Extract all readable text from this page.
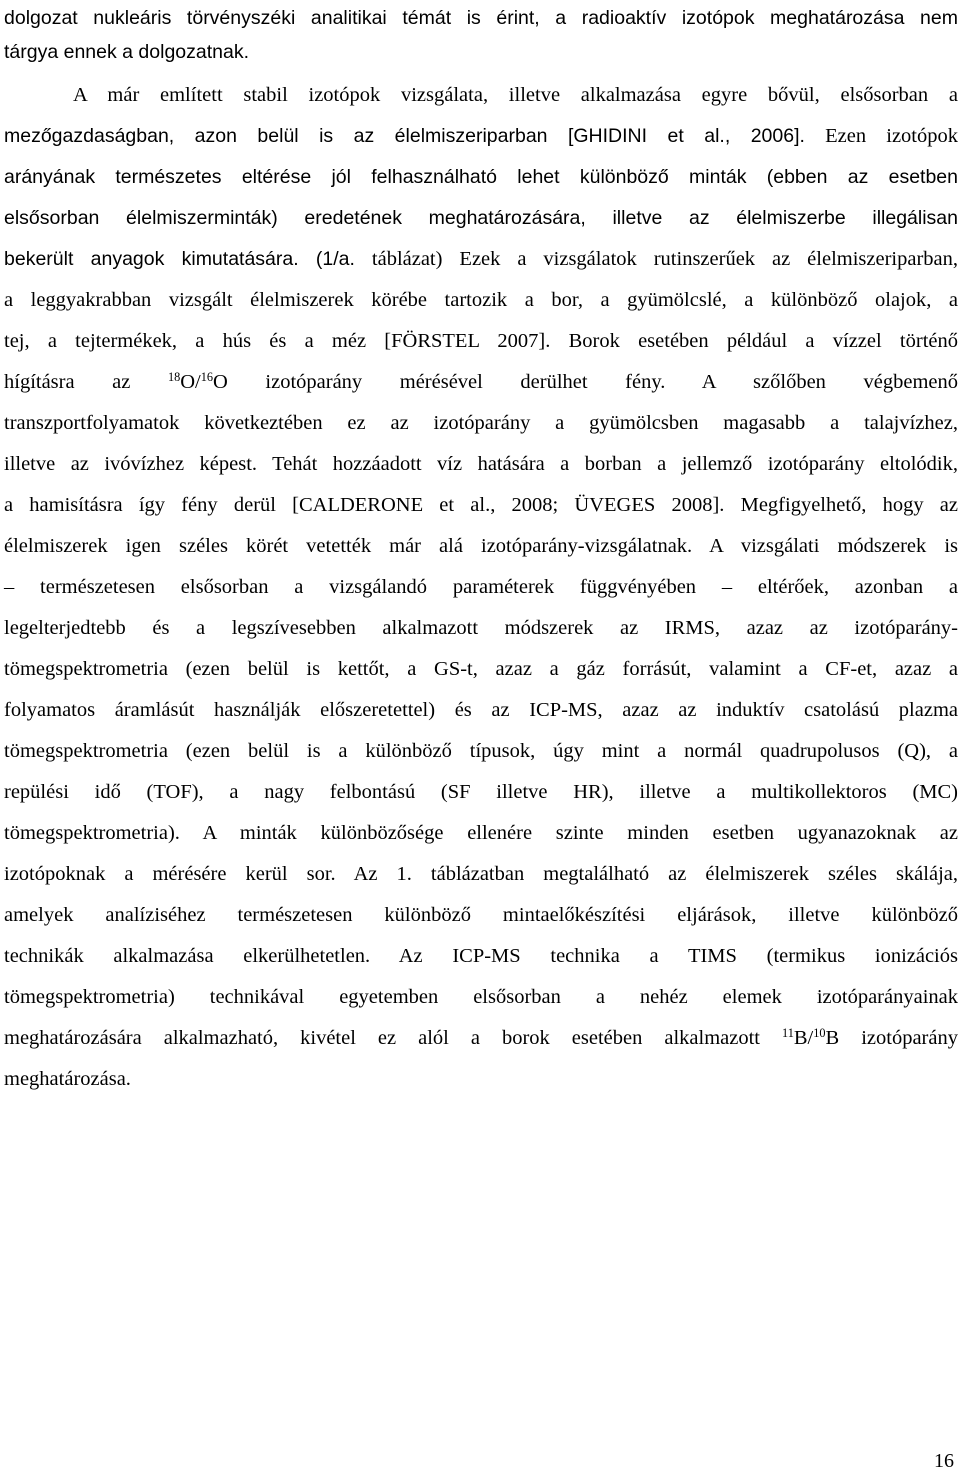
dolgozat nukleáris törvényszéki analitikai témát is érint, a radioaktív izotópok meghatározása nem
tárgya ennek a dolgozatnak.
A már említett stabil izotópok vizsgálata, illetve alkalmazása egyre bővül, elsősorban a
mezőgazdaságban, azon belül is az élelmiszeriparban [GHIDINI et al., 2006]. Ezen izotópok
arányának természetes eltérése jól felhasználható lehet különböző minták (ebben az esetben
elsősorban élelmiszerminták) eredetének meghatározására, illetve az élelmiszerbe illegálisan
bekerült anyagok kimutatására. (1/a. táblázat) Ezek a vizsgálatok rutinszerűek az élelmiszeriparban,
a leggyakrabban vizsgált élelmiszerek körébe tartozik a bor, a gyümölcslé, a különböző olajok, a
tej, a tejtermékek, a hús és a méz [FÖRSTEL 2007]. Borok esetében például a vízzel történő
hígításra az $^{18}$O/$^{16}$O izotóparány mérésével derülhet fény. A szőlőben végbemenő
transzportfolyamatok következtében ez az izotóparány a gyümölcsben magasabb a talajvízhez,
illetve az ivóvízhez képest. Tehát hozzáadott víz hatására a borban a jellemző izotóparány eltolódik,
a hamisításra így fény derül [CALDERONE et al., 2008; ÜVEGES 2008]. Megfigyelhető, hogy az
élelmiszerek igen széles körét vetették már alá izotóparány-vizsgálatnak. A vizsgálati módszerek is
– természetesen elsősorban a vizsgálandó paraméterek függvényében – eltérőek, azonban a
legelterjedtebb és a legszívesebben alkalmazott módszerek az IRMS, azaz az izotóparány-
tömegspektrometria (ezen belül is kettőt, a GS-t, azaz a gáz forrásút, valamint a CF-et, azaz a
folyamatos áramlásút használják előszeretettel) és az ICP-MS, azaz az induktív csatolású plazma
tömegspektrometria (ezen belül is a különböző típusok, úgy mint a normál quadrupolusos (Q), a
repülési idő (TOF), a nagy felbontású (SF illetve HR), illetve a multikollektoros (MC)
tömegspektrometria). A minták különbözősége ellenére szinte minden esetben ugyanazoknak az
izotópoknak a mérésére kerül sor. Az 1. táblázatban megtalálható az élelmiszerek széles skálája,
amelyek analíziséhez természetesen különböző mintaelőkészítési eljárások, illetve különböző
technikák alkalmazása elkerülhetetlen. Az ICP-MS technika a TIMS (termikus ionizációs
tömegspektrometria) technikával egyetemben elsősorban a nehéz elemek izotóparányainak
meghatározására alkalmazható, kivétel ez alól a borok esetében alkalmazott $^{11}$B/$^{10}$B izotóparány
meghatározása.
16
